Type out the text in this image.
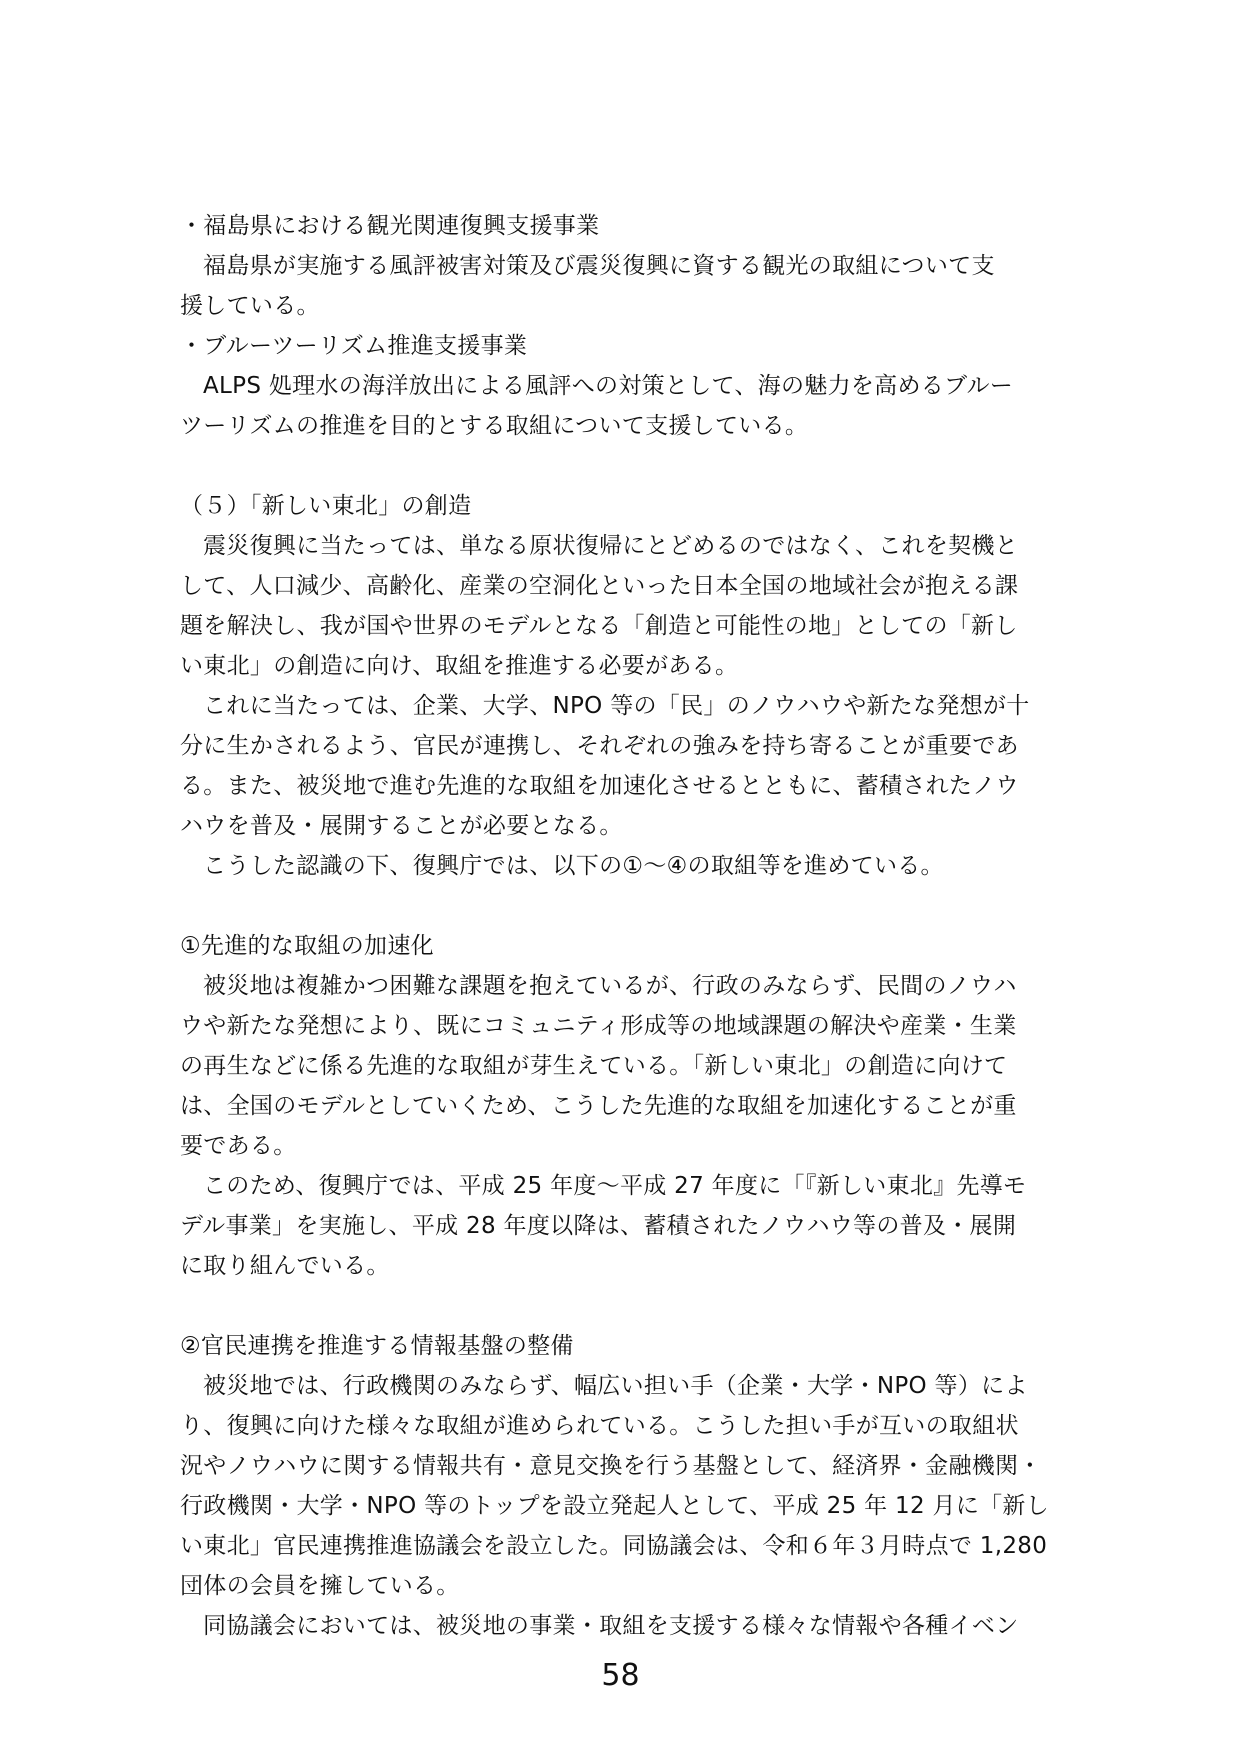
・福島県における観光関連復興支援事業
福島県が実施する風評被害対策及び震災復興に資する観光の取組について支
援している。
・ブルーツーリズム推進支援事業
ALPS 処理水の海洋放出による風評への対策として、海の魅力を高めるブルー
ツーリズムの推進を目的とする取組について支援している。
（５）「新しい東北」の創造
震災復興に当たっては、単なる原状復帰にとどめるのではなく、これを契機と
して、人口減少、高齢化、産業の空洞化といった日本全国の地域社会が抱える課
題を解決し、我が国や世界のモデルとなる「創造と可能性の地」としての「新し
い東北」の創造に向け、取組を推進する必要がある。
これに当たっては、企業、大学、NPO 等の「民」のノウハウや新たな発想が十
分に生かされるよう、官民が連携し、それぞれの強みを持ち寄ることが重要であ
る。また、被災地で進む先進的な取組を加速化させるとともに、蓄積されたノウ
ハウを普及・展開することが必要となる。
こうした認識の下、復興庁では、以下の①～④の取組等を進めている。
①先進的な取組の加速化
被災地は複雑かつ困難な課題を抱えているが、行政のみならず、民間のノウハ
ウや新たな発想により、既にコミュニティ形成等の地域課題の解決や産業・生業
の再生などに係る先進的な取組が芽生えている。「新しい東北」の創造に向けて
は、全国のモデルとしていくため、こうした先進的な取組を加速化することが重
要である。
このため、復興庁では、平成 25 年度～平成 27 年度に「『新しい東北』先導モ
デル事業」を実施し、平成 28 年度以降は、蓄積されたノウハウ等の普及・展開
に取り組んでいる。
②官民連携を推進する情報基盤の整備
被災地では、行政機関のみならず、幅広い担い手（企業・大学・NPO 等）によ
り、復興に向けた様々な取組が進められている。こうした担い手が互いの取組状
況やノウハウに関する情報共有・意見交換を行う基盤として、経済界・金融機関・
行政機関・大学・NPO 等のトップを設立発起人として、平成 25 年 12 月に「新し
い東北」官民連携推進協議会を設立した。同協議会は、令和６年３月時点で 1,280
団体の会員を擁している。
同協議会においては、被災地の事業・取組を支援する様々な情報や各種イベン
58
